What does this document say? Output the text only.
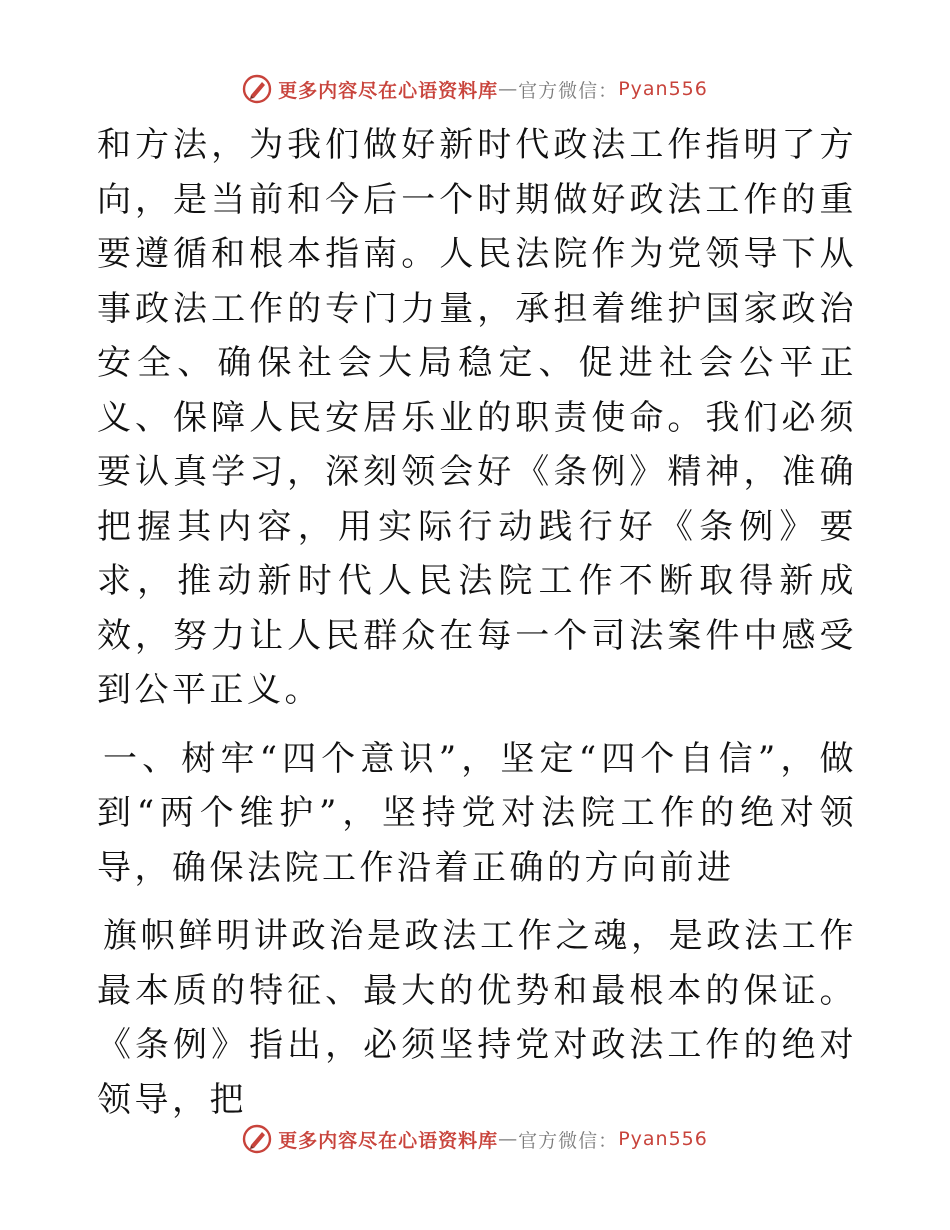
更多内容尽在心语资料库 — 官方微信： Pyan556

和方法，为我们做好新时代政法工作指明了方向，是当前和今后一个时期做好政法工作的重要遵循和根本指南。人民法院作为党领导下从事政法工作的专门力量，承担着维护国家政治安全、确保社会大局稳定、促进社会公平正义、保障人民安居乐业的职责使命。我们必须要认真学习，深刻领会好《条例》精神，准确把握其内容，用实际行动践行好《条例》要求，推动新时代人民法院工作不断取得新成效，努力让人民群众在每一个司法案件中感受到公平正义。

一、树牢“四个意识”，坚定“四个自信”，做到“两个维护”，坚持党对法院工作的绝对领导，确保法院工作沿着正确的方向前进

旗帜鲜明讲政治是政法工作之魂，是政法工作最本质的特征、最大的优势和最根本的保证。《条例》指出，必须坚持党对政法工作的绝对领导，把

更多内容尽在心语资料库 — 官方微信： Pyan556
